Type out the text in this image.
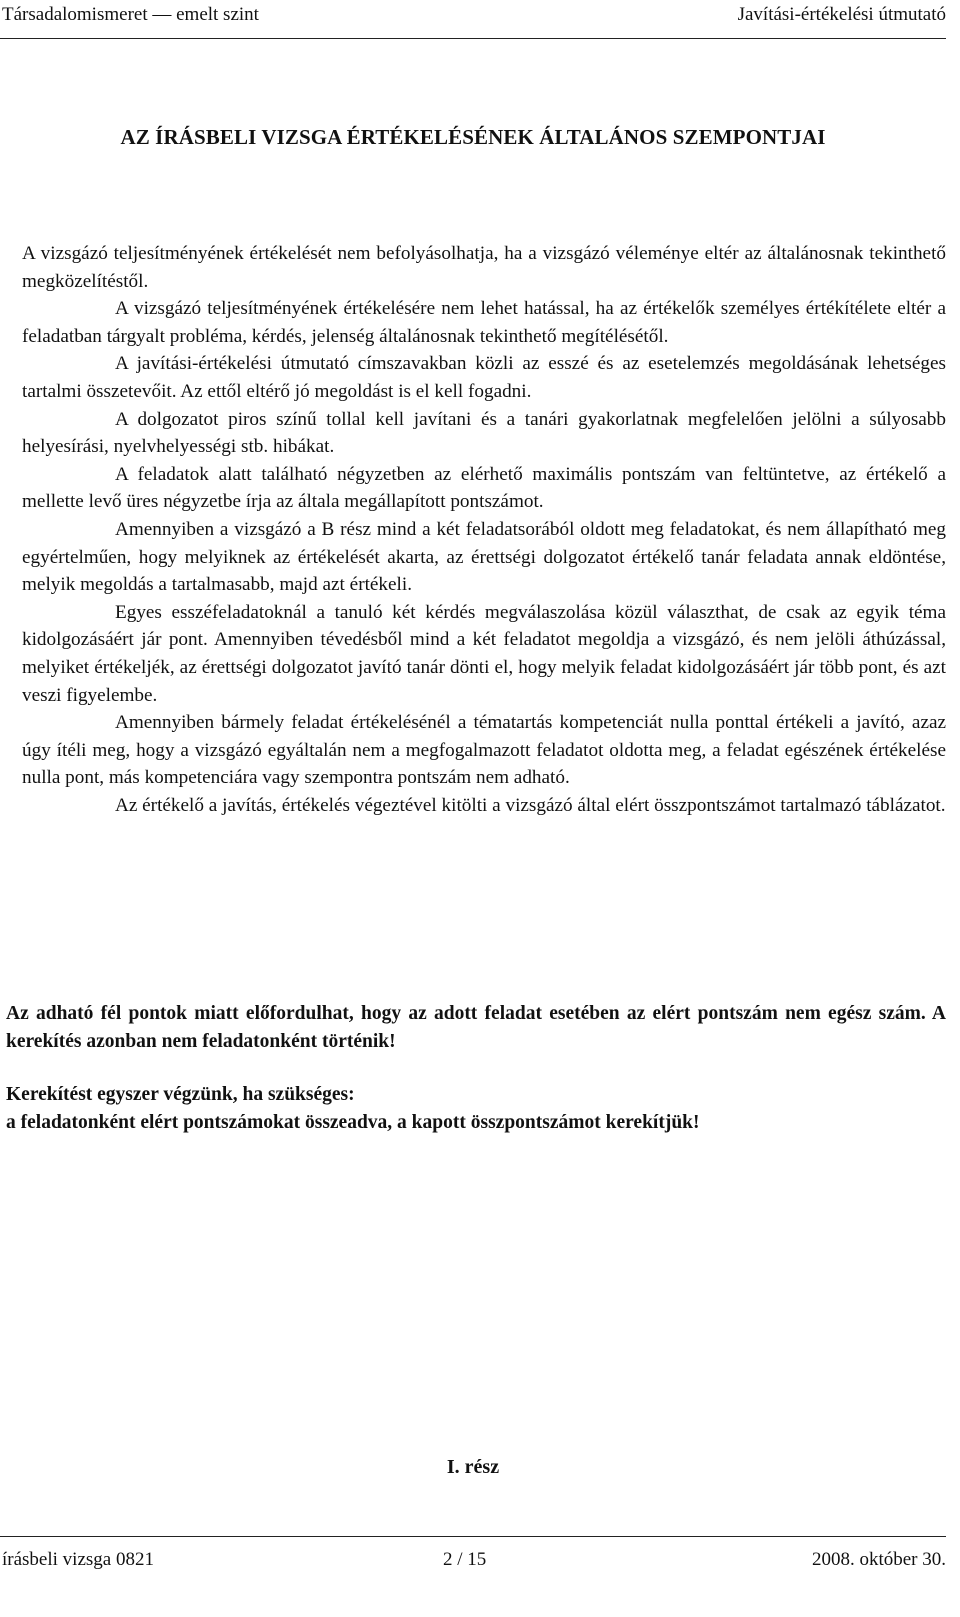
Társadalomismeret — emelt szint	Javítási-értékelési útmutató
AZ ÍRÁSBELI VIZSGA ÉRTÉKELÉSÉNEK ÁLTALÁNOS SZEMPONTJAI

A vizsgázó teljesítményének értékelését nem befolyásolhatja, ha a vizsgázó véleménye eltér az általánosnak tekinthető megközelítéstől.

A vizsgázó teljesítményének értékelésére nem lehet hatással, ha az értékelők személyes értékítélete eltér a feladatban tárgyalt probléma, kérdés, jelenség általánosnak tekinthető megítélésétől.

A javítási-értékelési útmutató címszavakban közli az esszé és az esetelemzés megoldásának lehetséges tartalmi összetevőit. Az ettől eltérő jó megoldást is el kell fogadni.

A dolgozatot piros színű tollal kell javítani és a tanári gyakorlatnak megfelelően jelölni a súlyosabb helyesírási, nyelvhelyességi stb. hibákat.

A feladatok alatt található négyzetben az elérhető maximális pontszám van feltüntetve, az értékelő a mellette levő üres négyzetbe írja az általa megállapított pontszámot.

Amennyiben a vizsgázó a B rész mind a két feladatsorából oldott meg feladatokat, és nem állapítható meg egyértelműen, hogy melyiknek az értékelését akarta, az érettségi dolgozatot értékelő tanár feladata annak eldöntése, melyik megoldás a tartalmasabb, majd azt értékeli.

Egyes esszéfeladatoknál a tanuló két kérdés megválaszolása közül választhat, de csak az egyik téma kidolgozásáért jár pont. Amennyiben tévedésből mind a két feladatot megoldja a vizsgázó, és nem jelöli áthúzással, melyiket értékeljék, az érettségi dolgozatot javító tanár dönti el, hogy melyik feladat kidolgozásáért jár több pont, és azt veszi figyelembe.

Amennyiben bármely feladat értékelésénél a tématartás kompetenciát nulla ponttal értékeli a javító, azaz úgy ítéli meg, hogy a vizsgázó egyáltalán nem a megfogalmazott feladatot oldotta meg, a feladat egészének értékelése nulla pont, más kompetenciára vagy szempontra pontszám nem adható.

Az értékelő a javítás, értékelés végeztével kitölti a vizsgázó által elért összpontszámot tartalmazó táblázatot.

Az adható fél pontok miatt előfordulhat, hogy az adott feladat esetében az elért pontszám nem egész szám. A kerekítés azonban nem feladatonként történik!

Kerekítést egyszer végzünk, ha szükséges:

a feladatonként elért pontszámokat összeadva, a kapott összpontszámot kerekítjük!

I. rész
írásbeli vizsga 0821	2 / 15	2008. október 30.
